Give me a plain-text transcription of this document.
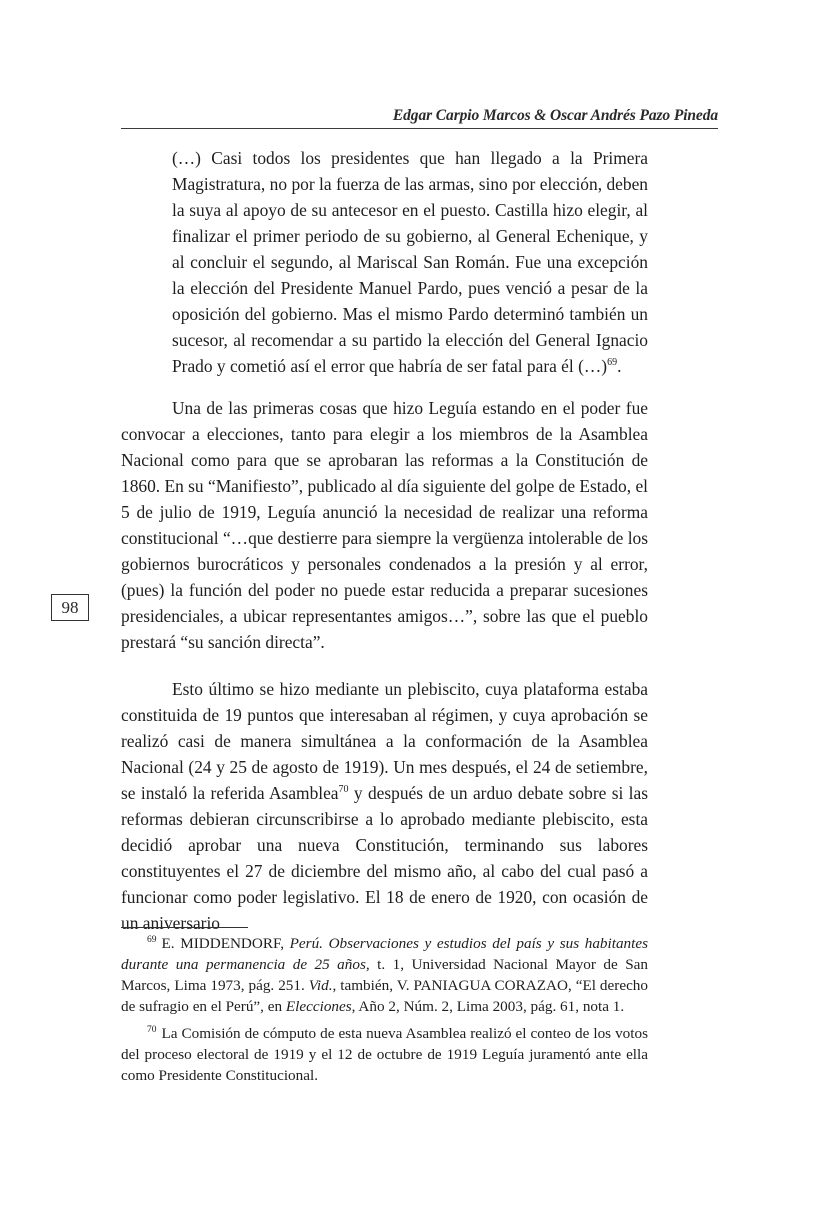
Edgar Carpio Marcos & Oscar Andrés Pazo Pineda
98
(…) Casi todos los presidentes que han llegado a la Primera Magistratura, no por la fuerza de las armas, sino por elección, deben la suya al apoyo de su antecesor en el puesto. Castilla hizo elegir, al finalizar el primer periodo de su gobierno, al General Echenique, y al concluir el segundo, al Mariscal San Román. Fue una excepción la elección del Presidente Manuel Pardo, pues venció a pesar de la oposición del gobierno. Mas el mismo Pardo determinó también un sucesor, al recomendar a su partido la elección del General Ignacio Prado y cometió así el error que habría de ser fatal para él (…)$^{69}$.

Una de las primeras cosas que hizo Leguía estando en el poder fue convocar a elecciones, tanto para elegir a los miembros de la Asamblea Nacional como para que se aprobaran las reformas a la Constitución de 1860. En su “Manifiesto”, publicado al día siguiente del golpe de Estado, el 5 de julio de 1919, Leguía anunció la necesidad de realizar una reforma constitucional “…que destierre para siempre la vergüenza intolerable de los gobiernos burocráticos y personales condenados a la presión y al error, (pues) la función del poder no puede estar reducida a preparar sucesiones presidenciales, a ubicar representantes amigos…”, sobre las que el pueblo prestará “su sanción directa”.

Esto último se hizo mediante un plebiscito, cuya plataforma estaba constituida de 19 puntos que interesaban al régimen, y cuya aprobación se realizó casi de manera simultánea a la conformación de la Asamblea Nacional (24 y 25 de agosto de 1919). Un mes después, el 24 de setiembre, se instaló la referida Asamblea$^{70}$ y después de un arduo debate sobre si las reformas debieran circunscribirse a lo aprobado mediante plebiscito, esta decidió aprobar una nueva Constitución, terminando sus labores constituyentes el 27 de diciembre del mismo año, al cabo del cual pasó a funcionar como poder legislativo. El 18 de enero de 1920, con ocasión de un aniversario

$^{69}$ E. MIDDENDORF, Perú. Observaciones y estudios del país y sus habitantes durante una permanencia de 25 años, t. 1, Universidad Nacional Mayor de San Marcos, Lima 1973, pág. 251. Vid., también, V. PANIAGUA CORAZAO, “El derecho de sufragio en el Perú”, en Elecciones, Año 2, Núm. 2, Lima 2003, pág. 61, nota 1.

$^{70}$ La Comisión de cómputo de esta nueva Asamblea realizó el conteo de los votos del proceso electoral de 1919 y el 12 de octubre de 1919 Leguía juramentó ante ella como Presidente Constitucional.
